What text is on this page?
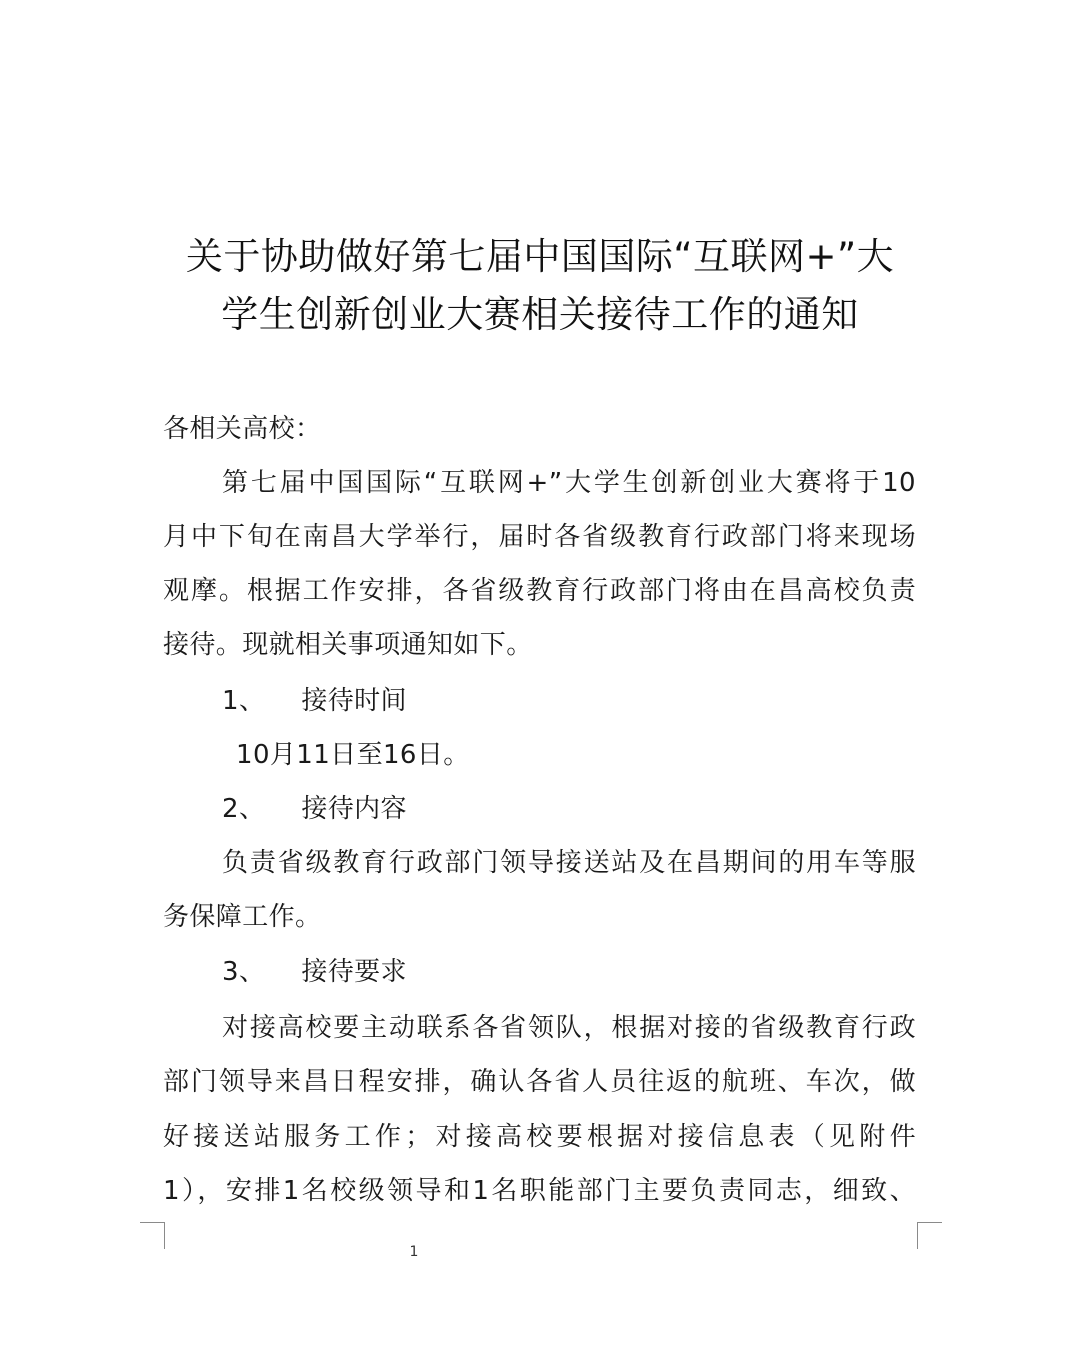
关于协助做好第七届中国国际“互联网+”大
学生创新创业大赛相关接待工作的通知
各相关高校：
第七届中国国际“互联网+”大学生创新创业大赛将于10
月中下旬在南昌大学举行，届时各省级教育行政部门将来现场
观摩。根据工作安排，各省级教育行政部门将由在昌高校负责
接待。现就相关事项通知如下。
1、 接待时间
10月11日至16日。
2、 接待内容
负责省级教育行政部门领导接送站及在昌期间的用车等服
务保障工作。
3、 接待要求
对接高校要主动联系各省领队，根据对接的省级教育行政
部门领导来昌日程安排，确认各省人员往返的航班、车次，做
好接送站服务工作；对接高校要根据对接信息表（见附件
1），安排1名校级领导和1名职能部门主要负责同志，细致、
1
